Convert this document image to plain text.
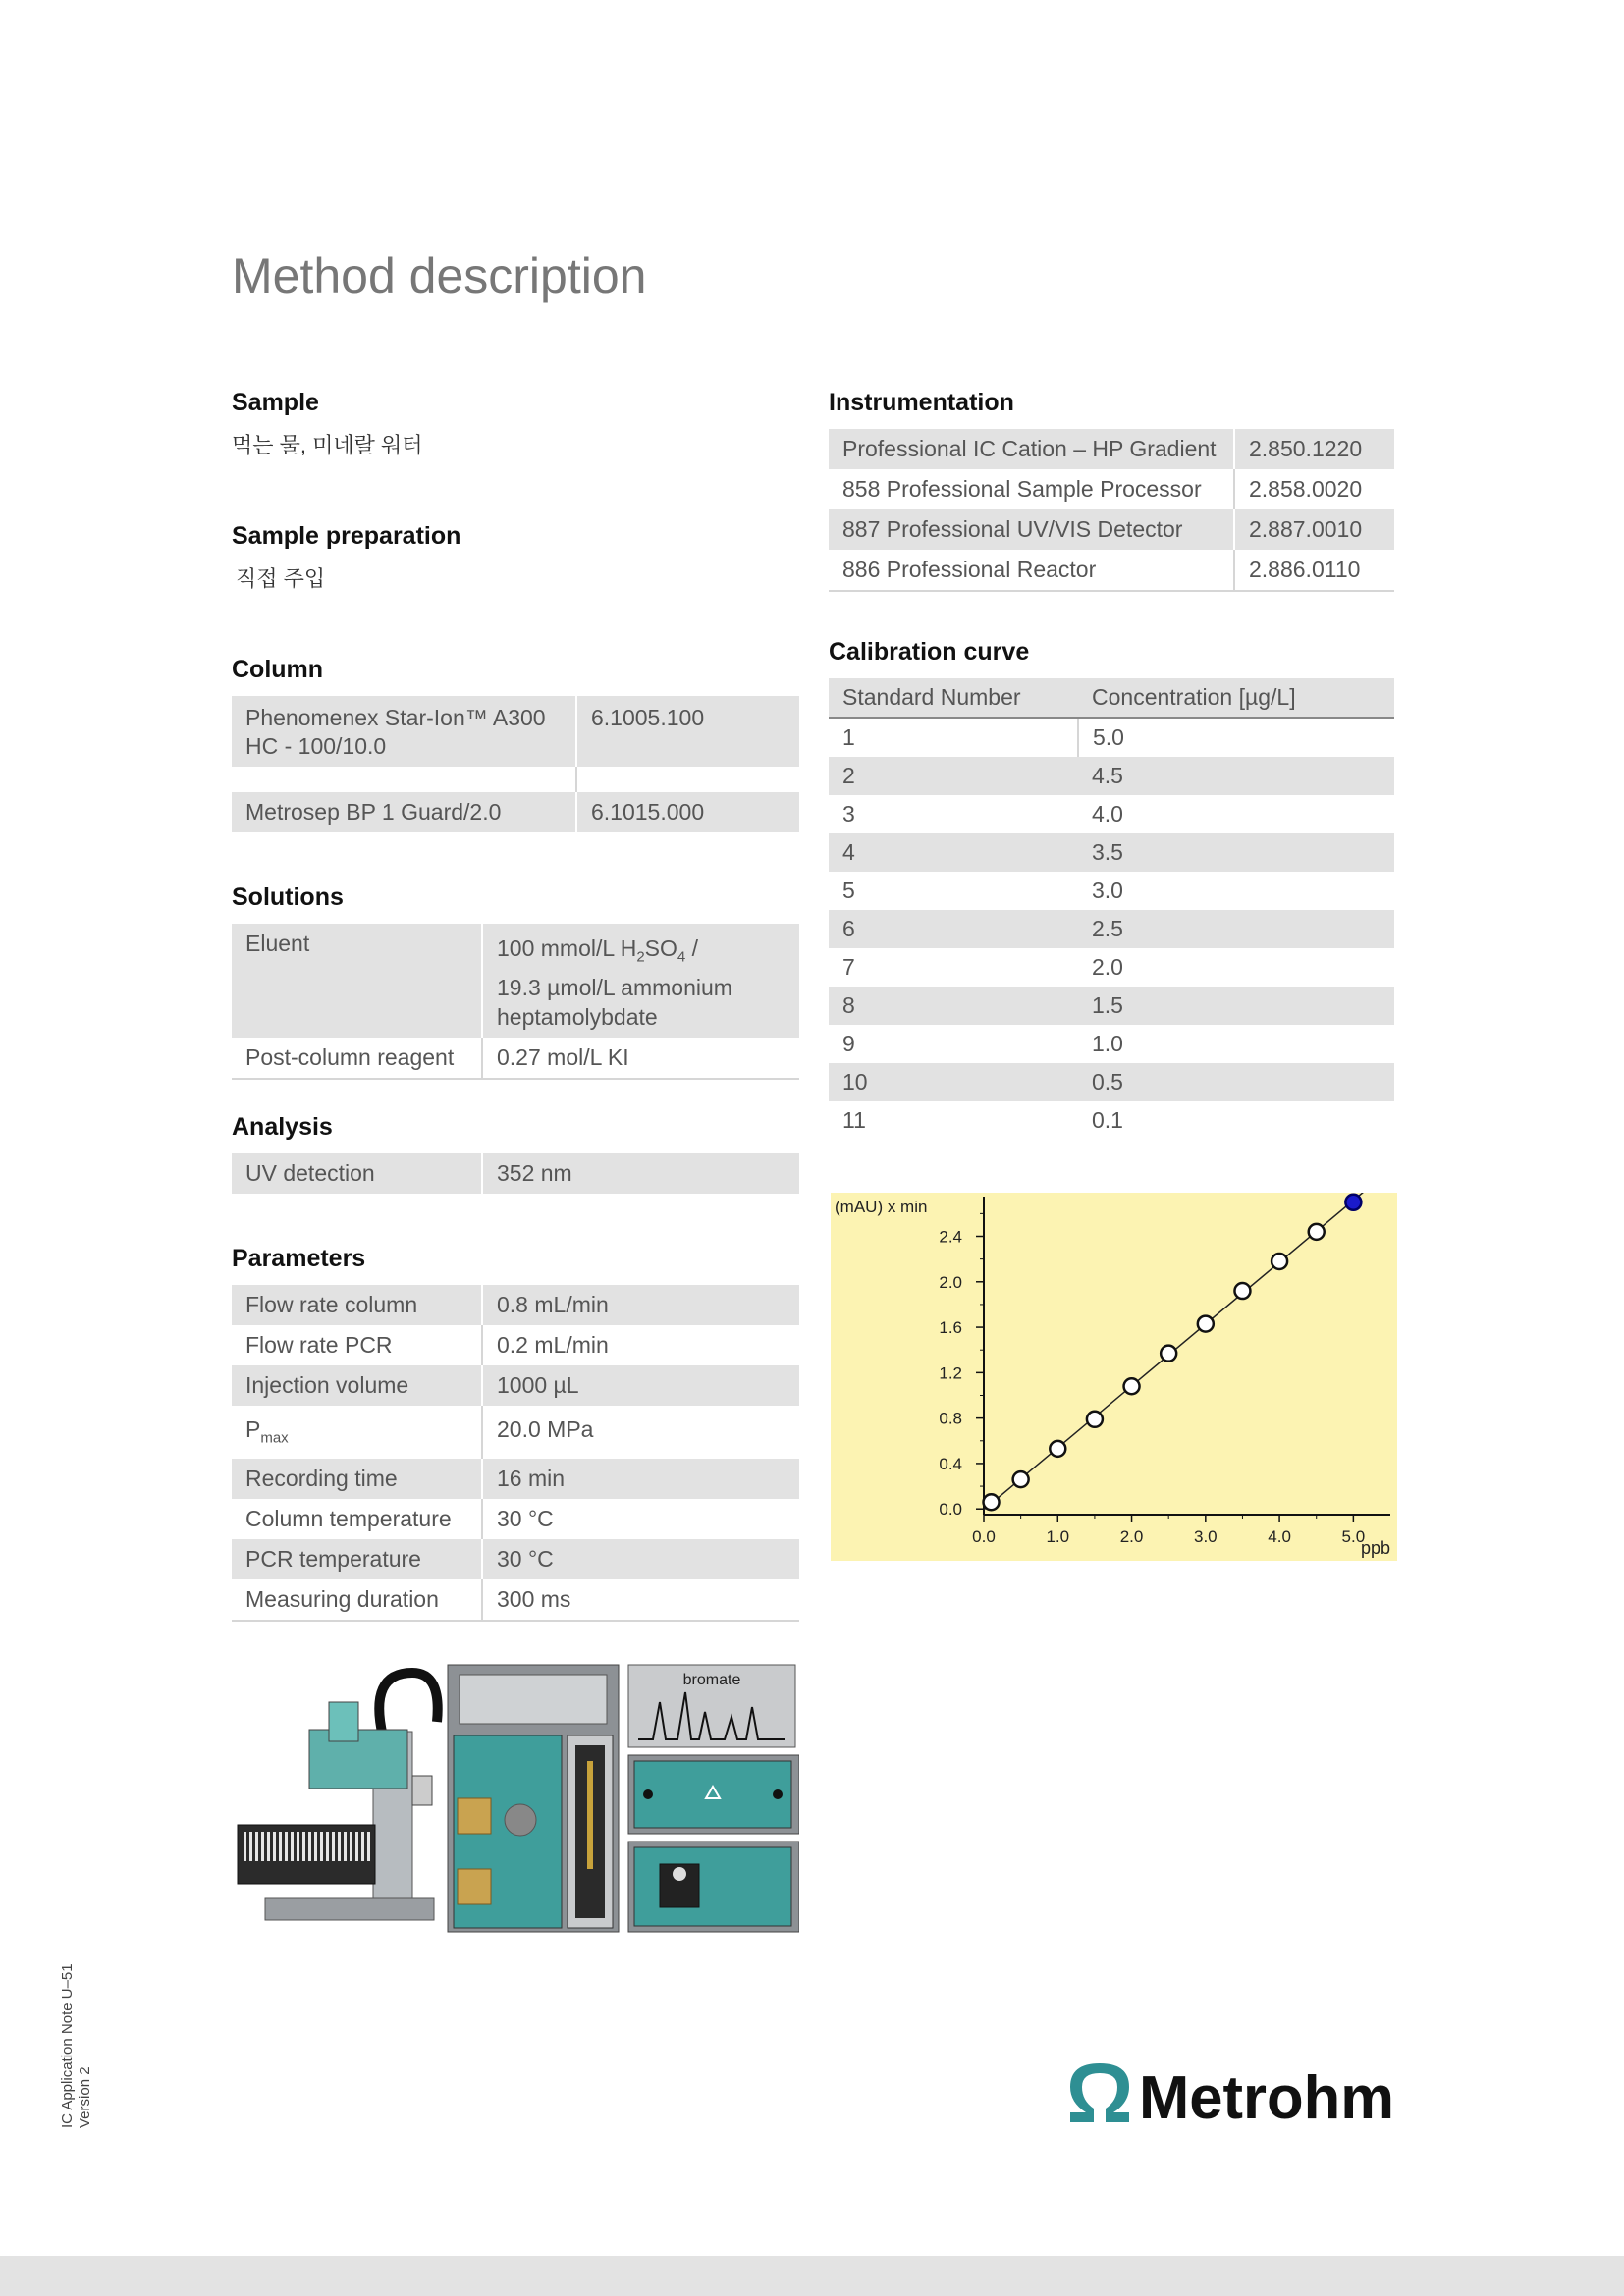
Method description
Sample

먹는 물, 미네랄 워터

Sample preparation

직접 주입

Column
Phenomenex Star-Ion™ A300 HC - 100/10.0	6.1005.100

Metrosep BP 1 Guard/2.0	6.1015.000
Solutions
Eluent	100 mmol/L $H_2SO_4$ /
19.3 µmol/L ammonium
heptamolybdate
Post-column reagent	0.27 mol/L KI
Analysis
UV detection	352 nm
Parameters
Flow rate column	0.8 mL/min
Flow rate PCR	0.2 mL/min
Injection volume	1000 µL
$P_{max}$	20.0 MPa
Recording time	16 min
Column temperature	30 °C
PCR temperature	30 °C
Measuring duration	300 ms
Instrumentation
Professional IC Cation – HP Gradient	2.850.1220
858 Professional Sample Processor	2.858.0020
887 Professional UV/VIS Detector	2.887.0010
886 Professional Reactor	2.886.0110
Calibration curve
Standard Number	Concentration [µg/L]
1	5.0
2	4.5
3	4.0
4	3.5
5	3.0
6	2.5
7	2.0
8	1.5
9	1.0
10	0.5
11	0.1
(mAU) x min
ppb
0.0
0.4
0.8
1.2
1.6
2.0
2.4
0.0	1.0	2.0	3.0	4.0	5.0
bromate
IC Application Note U–51 Version 2	Metrohm
